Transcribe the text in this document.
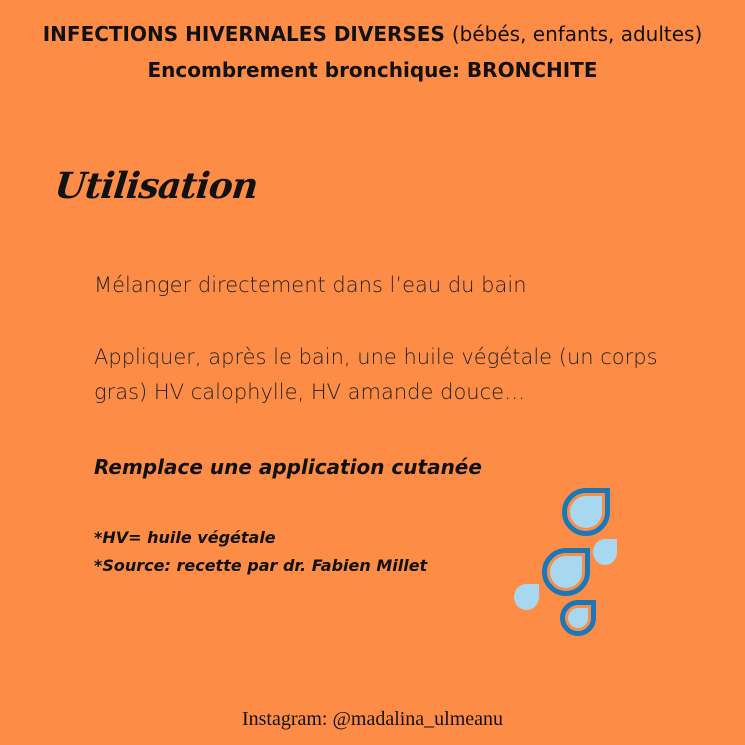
INFECTIONS HIVERNALES DIVERSES (bébés, enfants, adultes)
Encombrement bronchique: BRONCHITE
Utilisation
Mélanger directement dans l’eau du bain
Appliquer, après le bain, une huile végétale (un corps gras) HV calophylle, HV amande douce…
Remplace une application cutanée
*HV= huile végétale
*Source: recette par dr. Fabien Millet
Instagram: @madalina_ulmeanu
